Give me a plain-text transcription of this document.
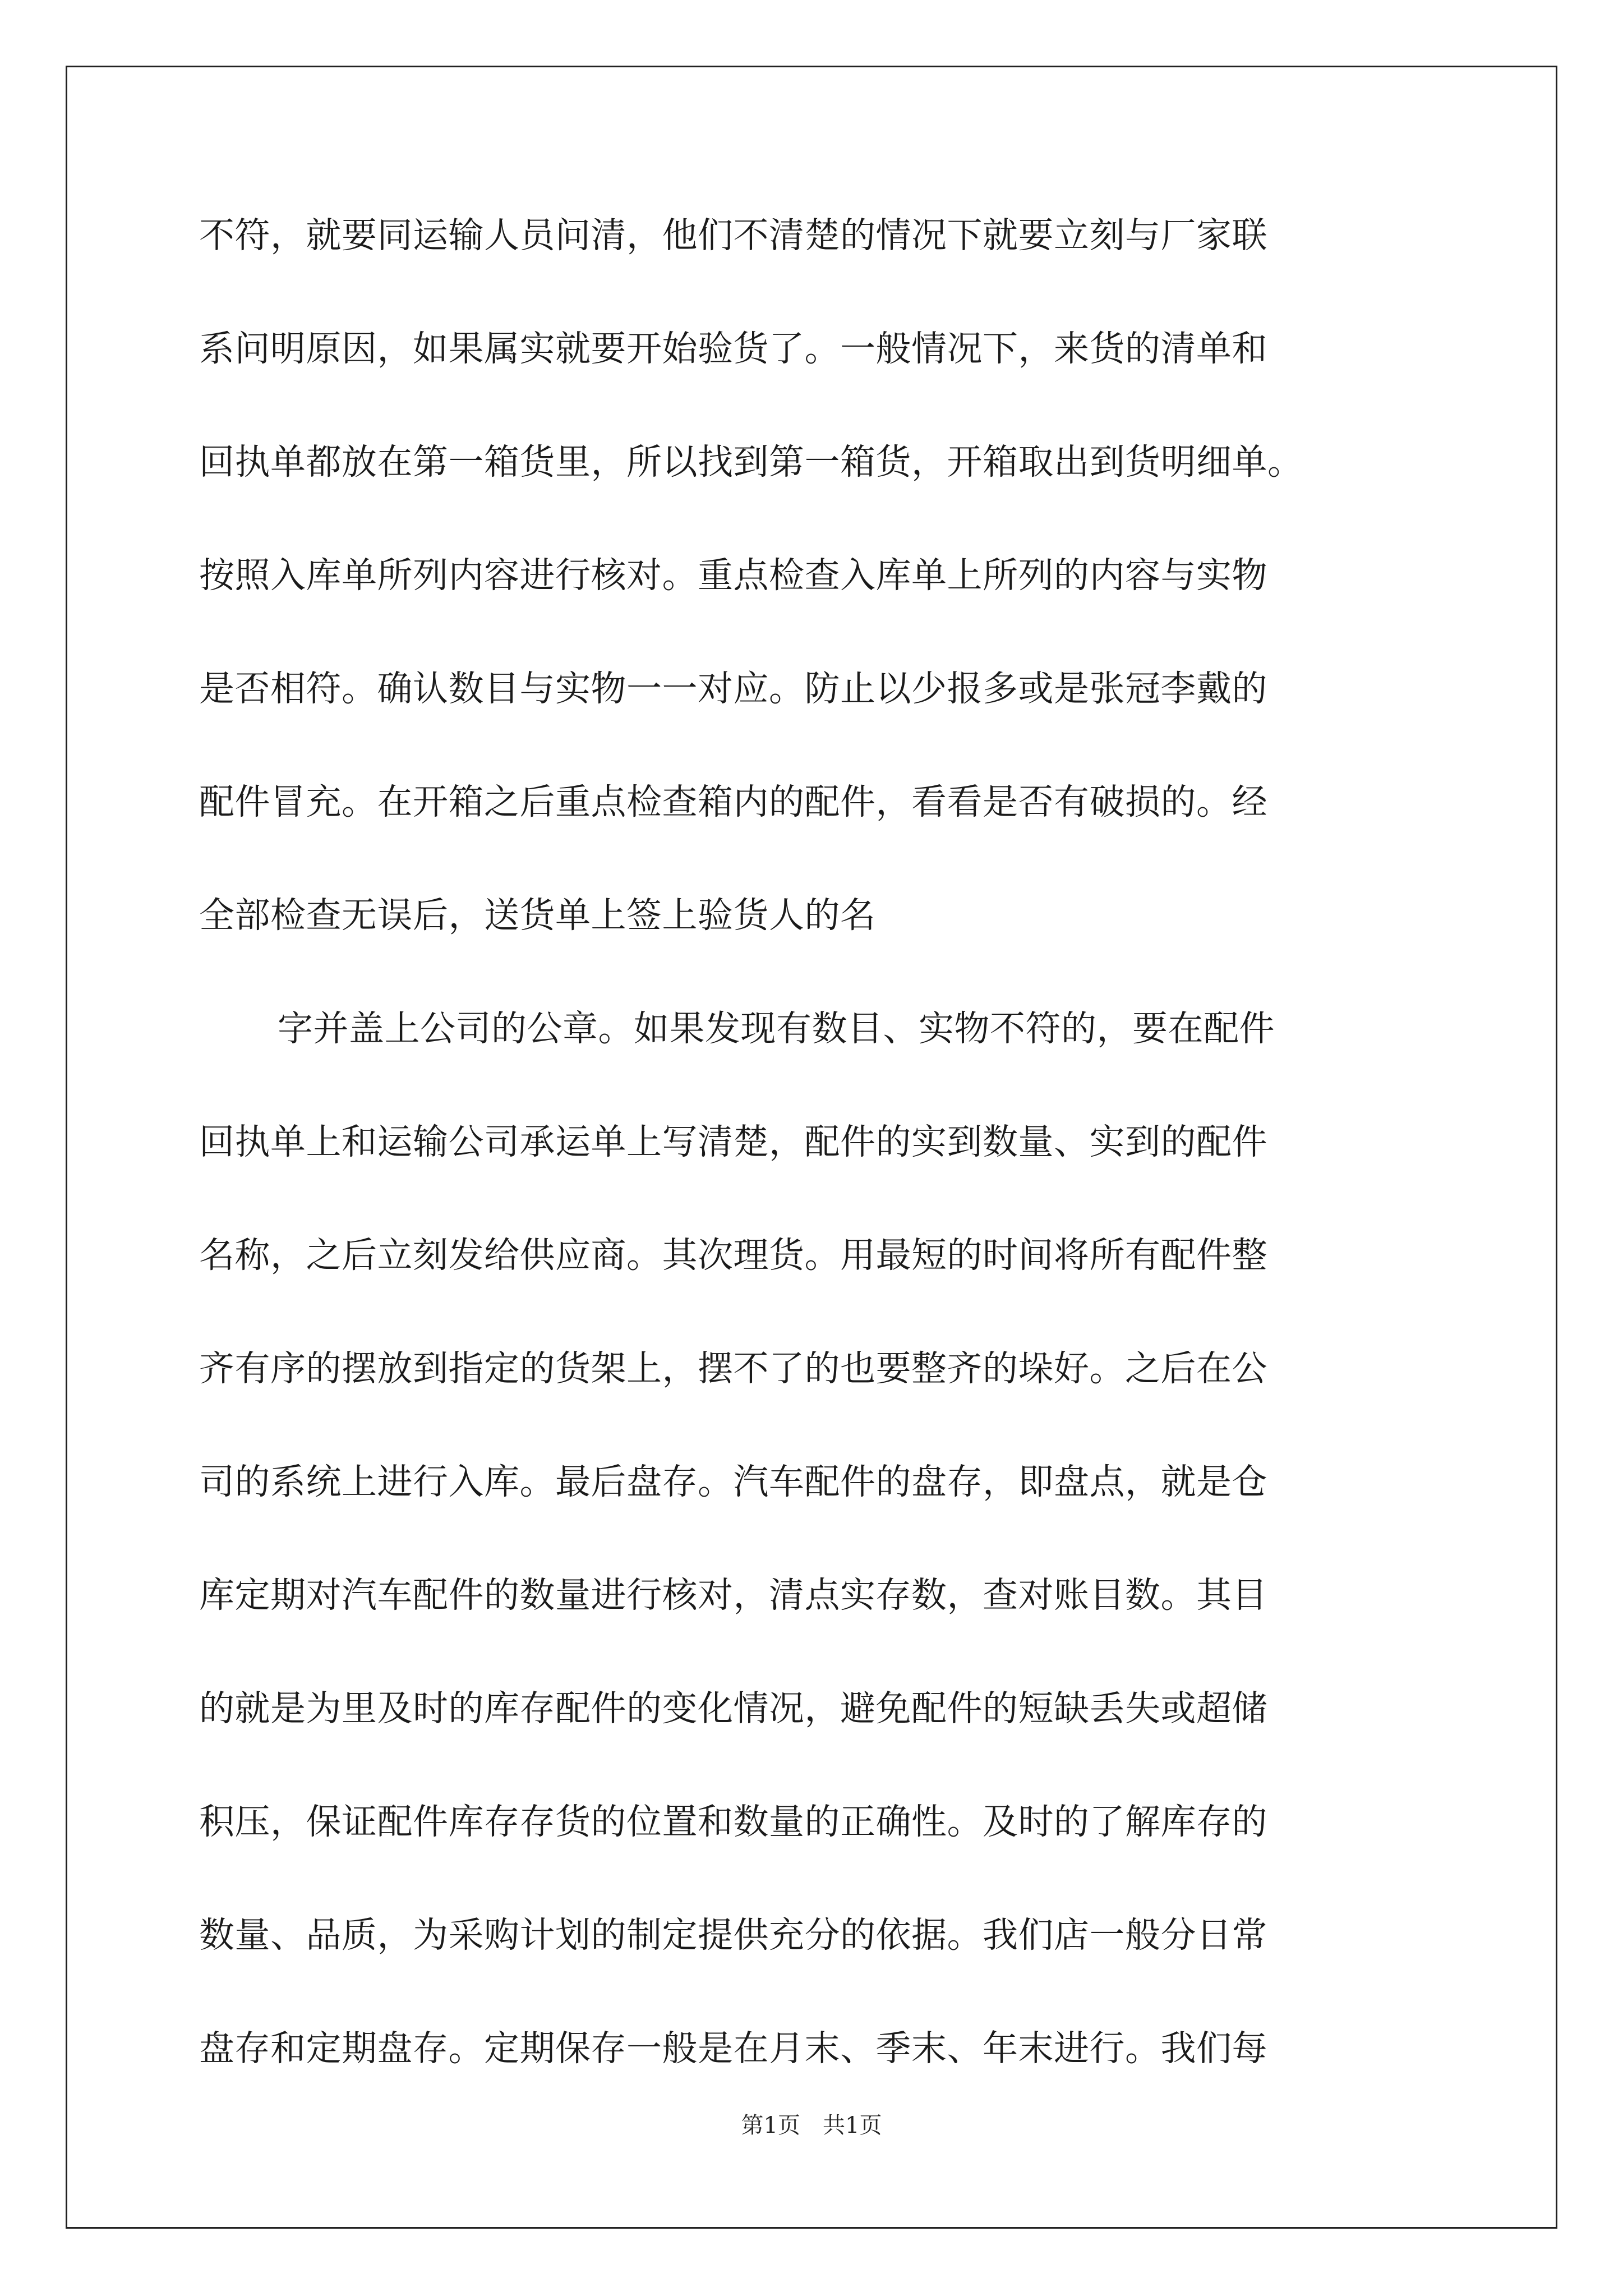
不符，就要同运输人员问清，他们不清楚的情况下就要立刻与厂家联
系问明原因，如果属实就要开始验货了。一般情况下，来货的清单和
回执单都放在第一箱货里，所以找到第一箱货，开箱取出到货明细单。
按照入库单所列内容进行核对。重点检查入库单上所列的内容与实物
是否相符。确认数目与实物一一对应。防止以少报多或是张冠李戴的
配件冒充。在开箱之后重点检查箱内的配件，看看是否有破损的。经
全部检查无误后，送货单上签上验货人的名
字并盖上公司的公章。如果发现有数目、实物不符的，要在配件
回执单上和运输公司承运单上写清楚，配件的实到数量、实到的配件
名称，之后立刻发给供应商。其次理货。用最短的时间将所有配件整
齐有序的摆放到指定的货架上，摆不了的也要整齐的垛好。之后在公
司的系统上进行入库。最后盘存。汽车配件的盘存，即盘点，就是仓
库定期对汽车配件的数量进行核对，清点实存数，查对账目数。其目
的就是为里及时的库存配件的变化情况，避免配件的短缺丢失或超储
积压，保证配件库存存货的位置和数量的正确性。及时的了解库存的
数量、品质，为采购计划的制定提供充分的依据。我们店一般分日常
盘存和定期盘存。定期保存一般是在月末、季末、年末进行。我们每
第1页 共1页
